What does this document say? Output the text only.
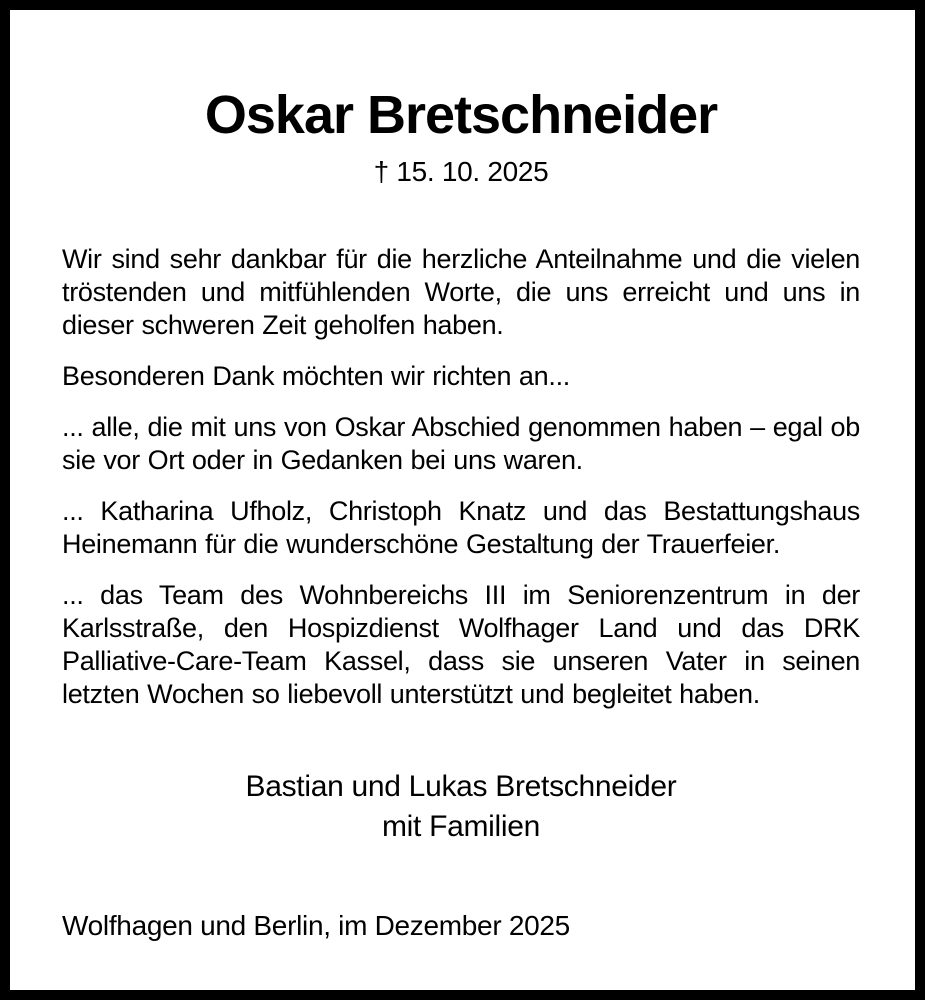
Oskar Bretschneider
† 15. 10. 2025

Wir sind sehr dankbar für die herzliche Anteilnahme und die vielen tröstenden und mitfühlenden Worte, die uns erreicht und uns in dieser schweren Zeit geholfen haben.

Besonderen Dank möchten wir richten an...

... alle, die mit uns von Oskar Abschied genommen haben – egal ob sie vor Ort oder in Gedanken bei uns waren.

... Katharina Ufholz, Christoph Knatz und das Bestattungshaus Heinemann für die wunderschöne Gestaltung der Trauerfeier.

... das Team des Wohnbereichs III im Seniorenzentrum in der Karlsstraße, den Hospizdienst Wolfhager Land und das DRK Palliative-Care-Team Kassel, dass sie unseren Vater in seinen letzten Wochen so liebevoll unterstützt und begleitet haben.

Bastian und Lukas Bretschneider
mit Familien
Wolfhagen und Berlin, im Dezember 2025
